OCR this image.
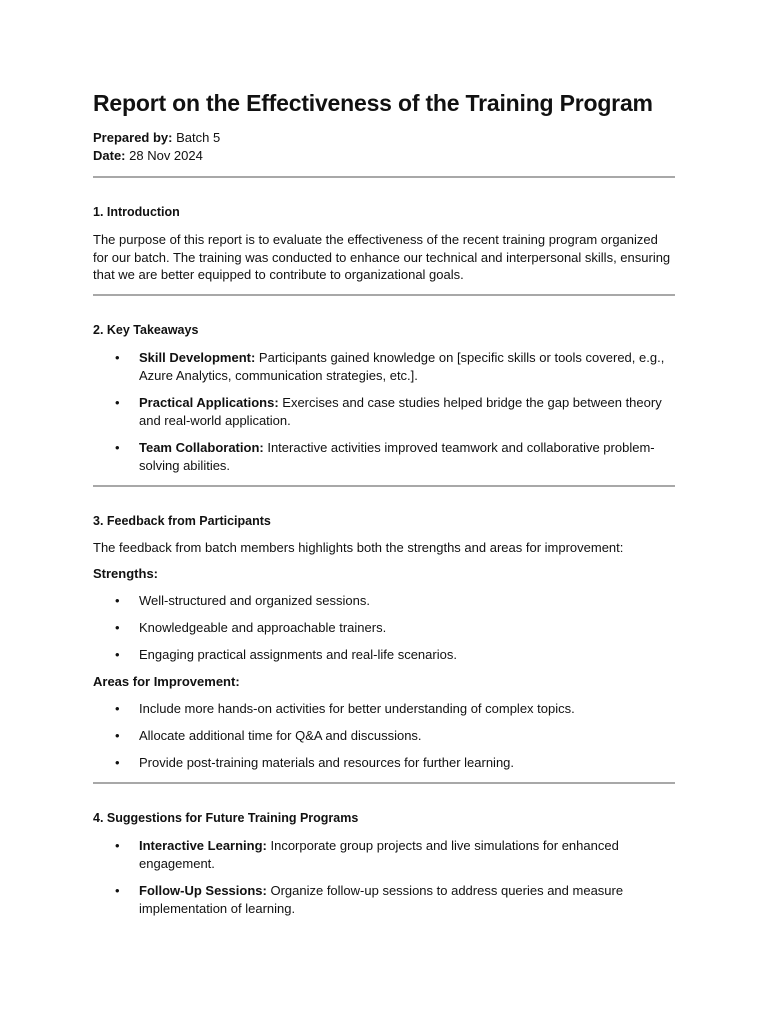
Report on the Effectiveness of the Training Program

Prepared by: Batch 5

Date: 28 Nov 2024

1. Introduction

The purpose of this report is to evaluate the effectiveness of the recent training program organized for our batch. The training was conducted to enhance our technical and interpersonal skills, ensuring that we are better equipped to contribute to organizational goals.

2. Key Takeaways
• Skill Development: Participants gained knowledge on [specific skills or tools covered, e.g., Azure Analytics, communication strategies, etc.].
• Practical Applications: Exercises and case studies helped bridge the gap between theory and real-world application.
• Team Collaboration: Interactive activities improved teamwork and collaborative problem-solving abilities.
3. Feedback from Participants

The feedback from batch members highlights both the strengths and areas for improvement:

Strengths:

• Well-structured and organized sessions.
• Knowledgeable and approachable trainers.
• Engaging practical assignments and real-life scenarios.

Areas for Improvement:

• Include more hands-on activities for better understanding of complex topics.
• Allocate additional time for Q&A and discussions.
• Provide post-training materials and resources for further learning.
4. Suggestions for Future Training Programs
• Interactive Learning: Incorporate group projects and live simulations for enhanced engagement.
• Follow-Up Sessions: Organize follow-up sessions to address queries and measure implementation of learning.
